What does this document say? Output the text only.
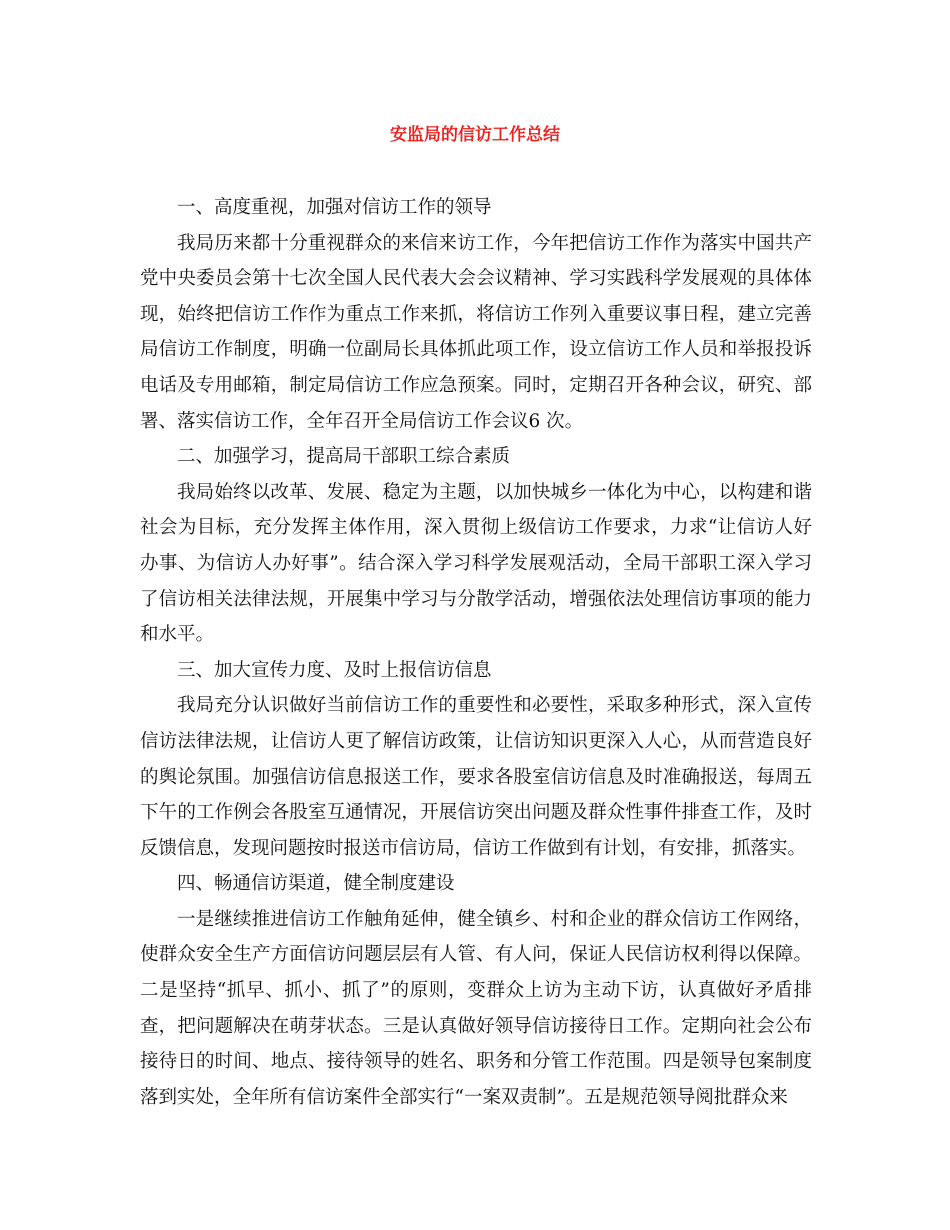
安监局的信访工作总结

一、高度重视，加强对信访工作的领导

我局历来都十分重视群众的来信来访工作，今年把信访工作作为落实中国共产党中央委员会第十七次全国人民代表大会会议精神、学习实践科学发展观的具体体现，始终把信访工作作为重点工作来抓，将信访工作列入重要议事日程，建立完善局信访工作制度，明确一位副局长具体抓此项工作，设立信访工作人员和举报投诉电话及专用邮箱，制定局信访工作应急预案。同时，定期召开各种会议，研究、部署、落实信访工作，全年召开全局信访工作会议6 次。

二、加强学习，提高局干部职工综合素质

我局始终以改革、发展、稳定为主题，以加快城乡一体化为中心，以构建和谐社会为目标，充分发挥主体作用，深入贯彻上级信访工作要求，力求“让信访人好办事、为信访人办好事”。结合深入学习科学发展观活动，全局干部职工深入学习了信访相关法律法规，开展集中学习与分散学活动，增强依法处理信访事项的能力和水平。

三、加大宣传力度、及时上报信访信息

我局充分认识做好当前信访工作的重要性和必要性，采取多种形式，深入宣传信访法律法规，让信访人更了解信访政策，让信访知识更深入人心，从而营造良好的舆论氛围。加强信访信息报送工作，要求各股室信访信息及时准确报送，每周五下午的工作例会各股室互通情况，开展信访突出问题及群众性事件排查工作，及时反馈信息，发现问题按时报送市信访局，信访工作做到有计划，有安排，抓落实。

四、畅通信访渠道，健全制度建设

一是继续推进信访工作触角延伸，健全镇乡、村和企业的群众信访工作网络，使群众安全生产方面信访问题层层有人管、有人问，保证人民信访权利得以保障。二是坚持“抓早、抓小、抓了”的原则，变群众上访为主动下访，认真做好矛盾排查，把问题解决在萌芽状态。三是认真做好领导信访接待日工作。定期向社会公布接待日的时间、地点、接待领导的姓名、职务和分管工作范围。四是领导包案制度落到实处，全年所有信访案件全部实行“一案双责制”。五是规范领导阅批群众来
